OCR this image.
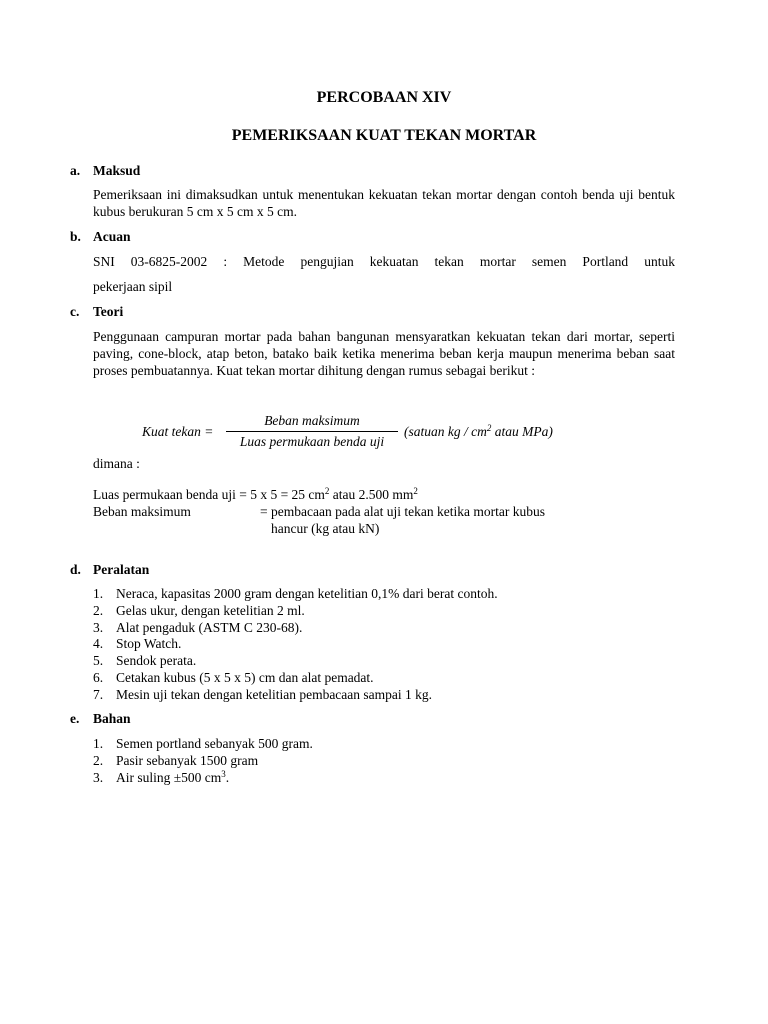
PERCOBAAN XIV
PEMERIKSAAN KUAT TEKAN MORTAR
a. Maksud
Pemeriksaan ini dimaksudkan untuk menentukan kekuatan tekan mortar dengan contoh benda uji bentuk kubus berukuran 5 cm x 5 cm x 5 cm.
b. Acuan
SNI 03-6825-2002 : Metode pengujian kekuatan tekan mortar semen Portland untuk
pekerjaan sipil
c. Teori
Penggunaan campuran mortar pada bahan bangunan mensyaratkan kekuatan tekan dari mortar, seperti paving, cone-block, atap beton, batako baik ketika menerima beban kerja maupun menerima beban saat proses pembuatannya. Kuat tekan mortar dihitung dengan rumus sebagai berikut :
Kuat tekan =
Beban maksimum
Luas permukaan benda uji
(satuan kg / $cm^2$ atau MPa)
dimana :
Luas permukaan benda uji = 5 x 5 = 25 $cm^2$ atau 2.500 $mm^2$
Beban maksimum	= pembacaan pada alat uji tekan ketika mortar kubus
hancur (kg atau kN)
d. Peralatan
1. Neraca, kapasitas 2000 gram dengan ketelitian 0,1% dari berat contoh.
2. Gelas ukur, dengan ketelitian 2 ml.
3. Alat pengaduk (ASTM C 230-68).
4. Stop Watch.
5. Sendok perata.
6. Cetakan kubus (5 x 5 x 5) cm dan alat pemadat.
7. Mesin uji tekan dengan ketelitian pembacaan sampai 1 kg.
e. Bahan
1. Semen portland sebanyak 500 gram.
2. Pasir sebanyak 1500 gram
3. Air suling ±500 $cm^3$.
